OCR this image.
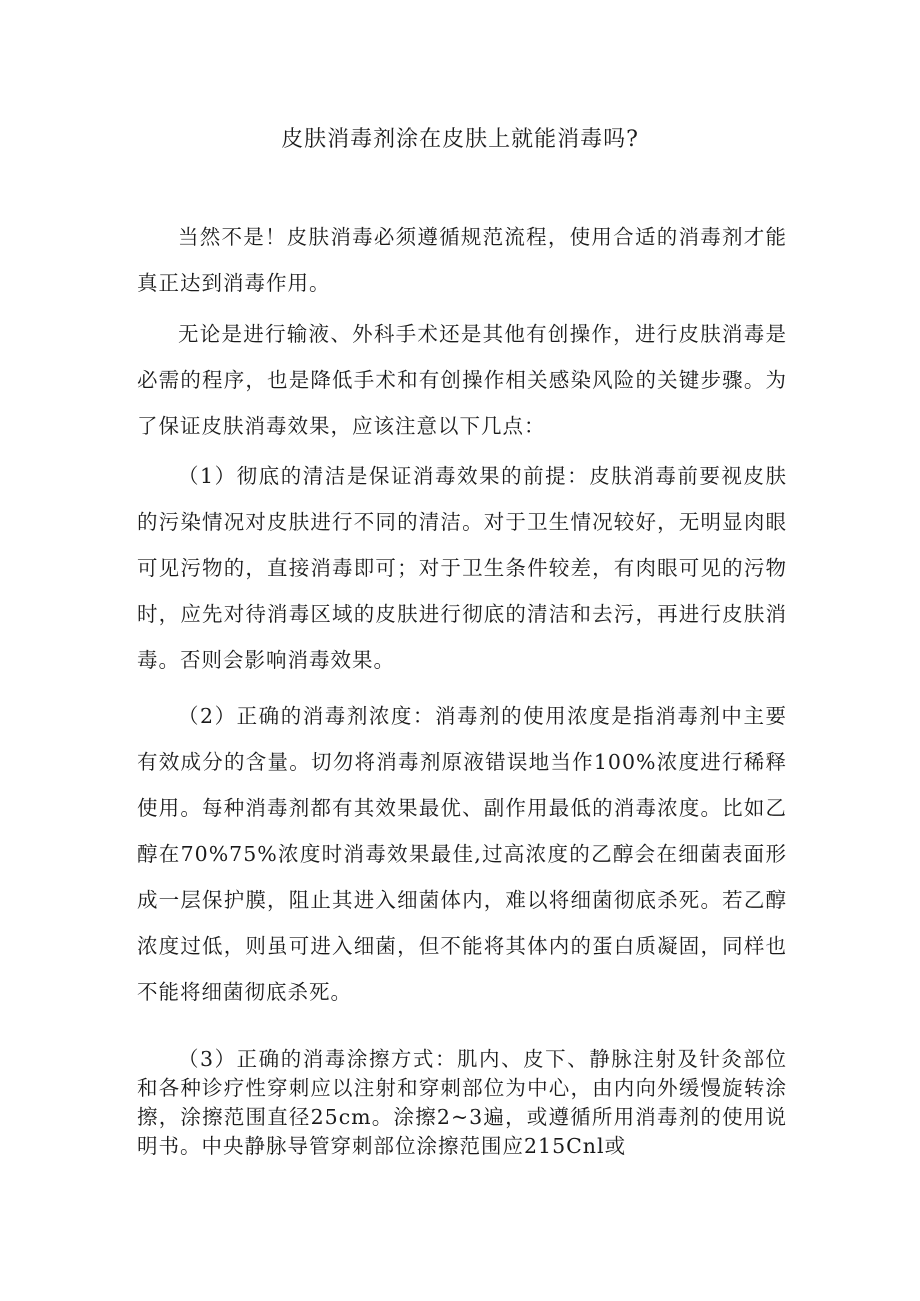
皮肤消毒剂涂在皮肤上就能消毒吗?

当然不是！皮肤消毒必须遵循规范流程，使用合适的消毒剂才能真正达到消毒作用。

无论是进行输液、外科手术还是其他有创操作，进行皮肤消毒是必需的程序，也是降低手术和有创操作相关感染风险的关键步骤。为了保证皮肤消毒效果，应该注意以下几点：

（1）彻底的清洁是保证消毒效果的前提：皮肤消毒前要视皮肤的污染情况对皮肤进行不同的清洁。对于卫生情况较好，无明显肉眼可见污物的，直接消毒即可；对于卫生条件较差，有肉眼可见的污物时，应先对待消毒区域的皮肤进行彻底的清洁和去污，再进行皮肤消毒。否则会影响消毒效果。

（2）正确的消毒剂浓度：消毒剂的使用浓度是指消毒剂中主要有效成分的含量。切勿将消毒剂原液错误地当作100%浓度进行稀释使用。每种消毒剂都有其效果最优、副作用最低的消毒浓度。比如乙醇在70%75%浓度时消毒效果最佳,过高浓度的乙醇会在细菌表面形成一层保护膜，阻止其进入细菌体内，难以将细菌彻底杀死。若乙醇浓度过低，则虽可进入细菌，但不能将其体内的蛋白质凝固，同样也不能将细菌彻底杀死。

（3）正确的消毒涂擦方式：肌内、皮下、静脉注射及针灸部位和各种诊疗性穿刺应以注射和穿刺部位为中心，由内向外缓慢旋转涂擦，涂擦范围直径25cm。涂擦2~3遍，或遵循所用消毒剂的使用说明书。中央静脉导管穿刺部位涂擦范围应215Cnl或
